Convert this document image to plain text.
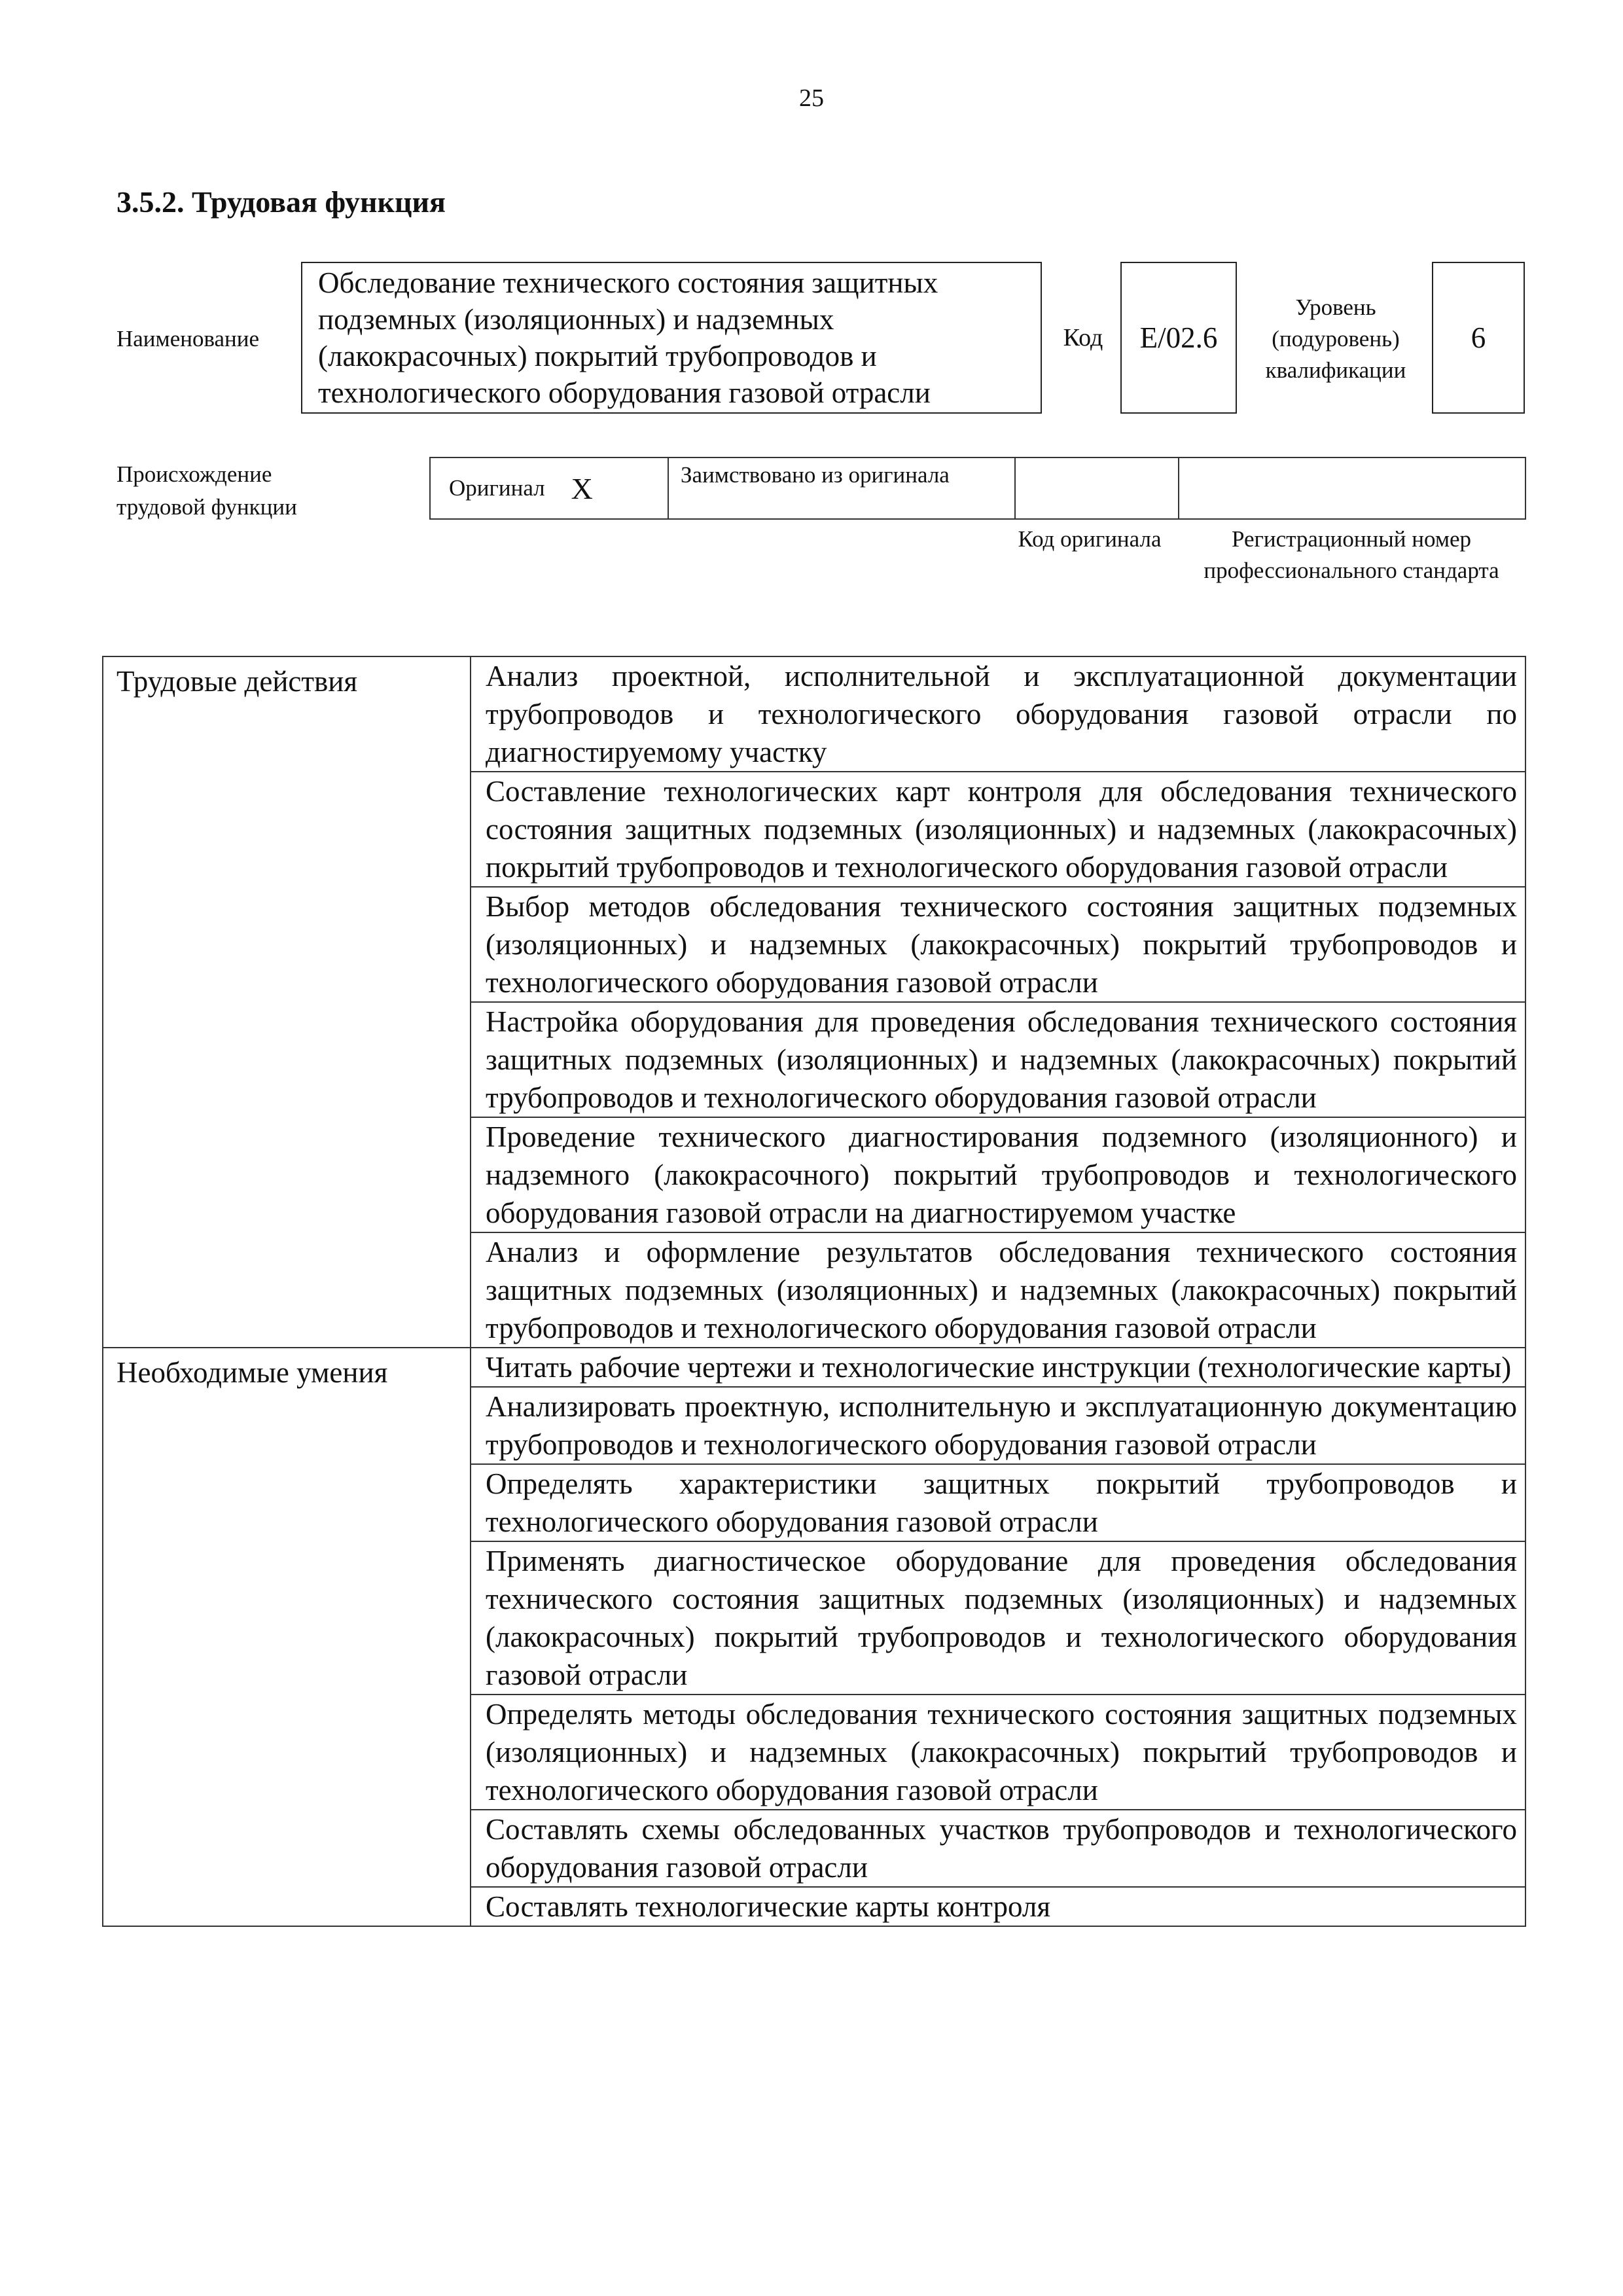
25
3.5.2. Трудовая функция
Наименование
Обследование технического состояния защитных подземных (изоляционных) и надземных (лакокрасочных) покрытий трубопроводов и технологического оборудования газовой отрасли
Код	E/02.6
Уровень (подуровень) квалификации
6
Происхождение трудовой функции
Оригинал X	Заимствовано из оригинала
Код оригинала	Регистрационный номер профессионального стандарта
Трудовые действия	Анализ проектной, исполнительной и эксплуатационной документации трубопроводов и технологического оборудования газовой отрасли по диагностируемому участку
	Составление технологических карт контроля для обследования технического состояния защитных подземных (изоляционных) и надземных (лакокрасочных) покрытий трубопроводов и технологического оборудования газовой отрасли
	Выбор методов обследования технического состояния защитных подземных (изоляционных) и надземных (лакокрасочных) покрытий трубопроводов и технологического оборудования газовой отрасли
	Настройка оборудования для проведения обследования технического состояния защитных подземных (изоляционных) и надземных (лакокрасочных) покрытий трубопроводов и технологического оборудования газовой отрасли
	Проведение технического диагностирования подземного (изоляционного) и надземного (лакокрасочного) покрытий трубопроводов и технологического оборудования газовой отрасли на диагностируемом участке
	Анализ и оформление результатов обследования технического состояния защитных подземных (изоляционных) и надземных (лакокрасочных) покрытий трубопроводов и технологического оборудования газовой отрасли
Необходимые умения	Читать рабочие чертежи и технологические инструкции (технологические карты)
	Анализировать проектную, исполнительную и эксплуатационную документацию трубопроводов и технологического оборудования газовой отрасли
	Определять характеристики защитных покрытий трубопроводов и технологического оборудования газовой отрасли
	Применять диагностическое оборудование для проведения обследования технического состояния защитных подземных (изоляционных) и надземных (лакокрасочных) покрытий трубопроводов и технологического оборудования газовой отрасли
	Определять методы обследования технического состояния защитных подземных (изоляционных) и надземных (лакокрасочных) покрытий трубопроводов и технологического оборудования газовой отрасли
	Составлять схемы обследованных участков трубопроводов и технологического оборудования газовой отрасли
	Составлять технологические карты контроля
